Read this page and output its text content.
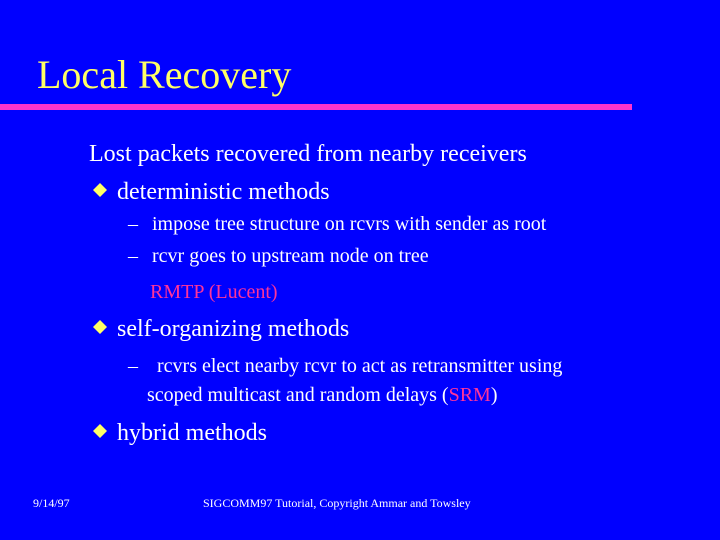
Local Recovery
Lost packets recovered from nearby receivers
deterministic methods
– impose tree structure on rcvrs with sender as root
– rcvr goes to upstream node on tree
RMTP (Lucent)
self-organizing methods
– rcvrs elect nearby rcvr to act as retransmitter using
scoped multicast and random delays (SRM)
hybrid methods
9/14/97	SIGCOMM97 Tutorial, Copyright Ammar and Towsley
